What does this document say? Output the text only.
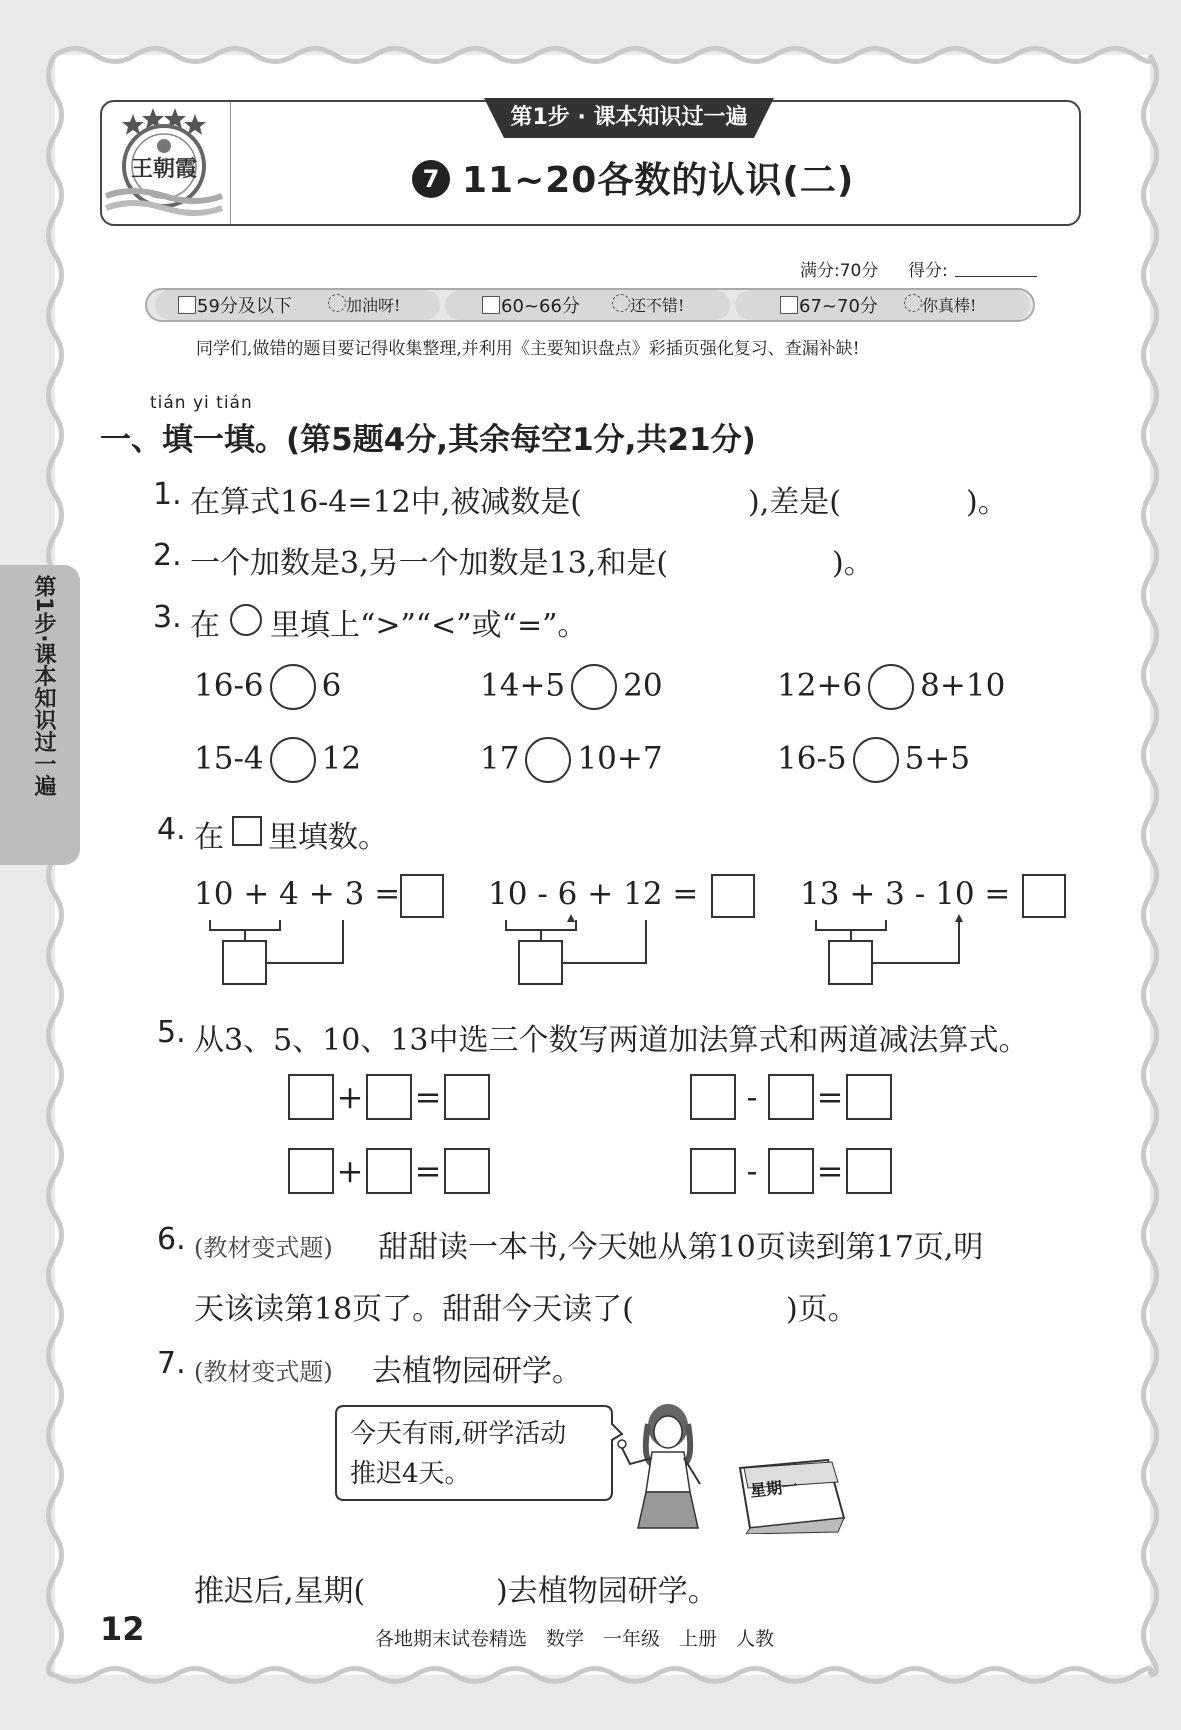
王朝霞
第1步 · 课本知识过一遍
7 11~20各数的认识(二)
满分:70分 得分:
59分及以下	加油呀!	60~66分	还不错!	67~70分	你真棒!
同学们,做错的题目要记得收集整理,并利用《主要知识盘点》彩插页强化复习、查漏补缺!
第1步·课本知识过一遍
tián yi tián
一、填一填。(第5题4分,其余每空1分,共21分)
1. 在算式16-4=12中,被减数是(	),差是(	)。
2. 一个加数是3,另一个加数是13,和是(	)。
3. 在 里填上“>”“<”或“=”。
16-6 6	14+5 20	12+6 8+10
15-4 12	17 10+7	16-5 5+5
4. 在 里填数。
10 + 4 + 3 =	10 - 6 + 12 =	13 + 3 - 10 =
5. 从3、5、10、13中选三个数写两道加法算式和两道减法算式。
+ =	-	=
+ =	-	=
6. (教材变式题) 甜甜读一本书,今天她从第10页读到第17页,明
天该读第18页了。甜甜今天读了(	)页。
7. (教材变式题) 去植物园研学。
今天有雨,研学活动
推迟4天。	星期一
推迟后,星期(	)去植物园研学。
12	各地期末试卷精选　数学　一年级　上册　人教
